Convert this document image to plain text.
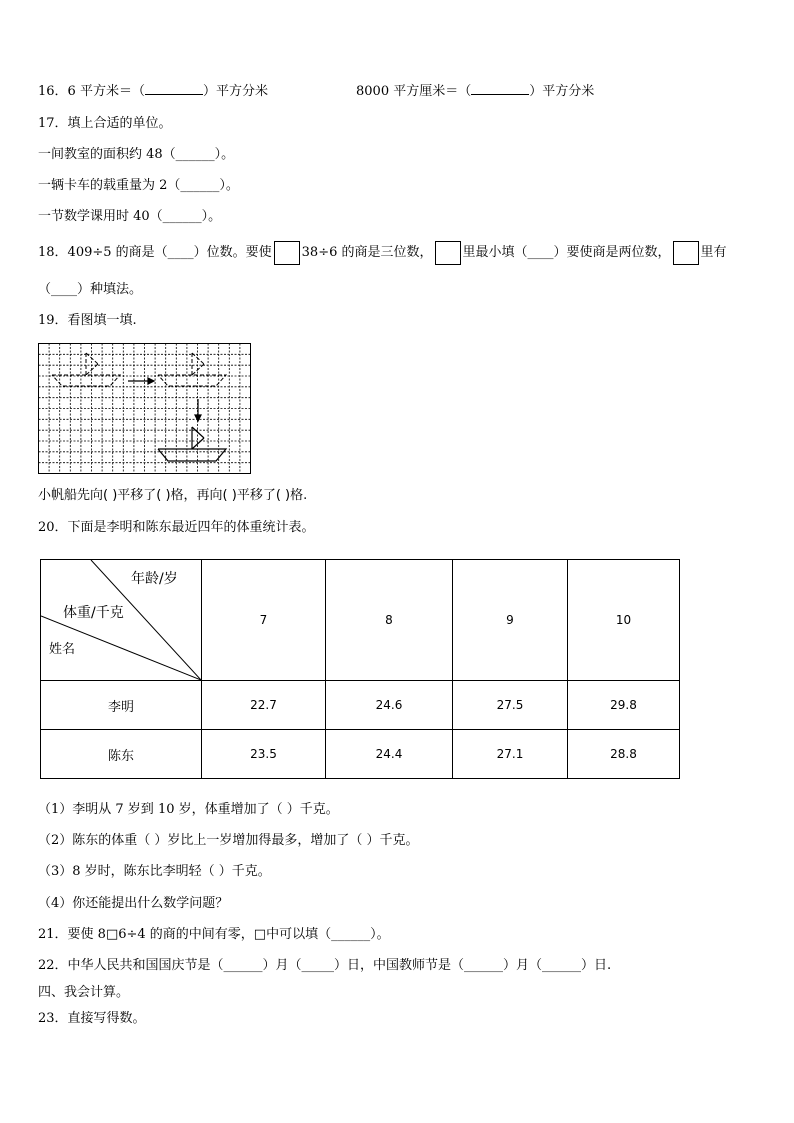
16．6 平方米＝（	）平方分米	8000 平方厘米＝（	）平方分米
17．填上合适的单位。
一间教室的面积约 48（______）。
一辆卡车的载重量为 2（______）。
一节数学课用时 40（______）。
18．409÷5 的商是（____）位数。要使 38÷6 的商是三位数， 里最小填（____）要使商是两位数， 里有
（____）种填法。
19．看图填一填.
小帆船先向( )平移了( )格，再向( )平移了( )格.
20．下面是李明和陈东最近四年的体重统计表。
年龄/岁
体重/千克
姓名	7	8	9	10
李明	22.7	24.6	27.5	29.8
陈东	23.5	24.4	27.1	28.8
（1）李明从 7 岁到 10 岁，体重增加了（ ）千克。
（2）陈东的体重（ ）岁比上一岁增加得最多，增加了（ ）千克。
（3）8 岁时，陈东比李明轻（ ）千克。
（4）你还能提出什么数学问题？
21．要使 8□6÷4 的商的中间有零，□中可以填（______）。
22．中华人民共和国国庆节是（______）月（_____）日，中国教师节是（______）月（______）日.
四、我会计算。
23．直接写得数。
